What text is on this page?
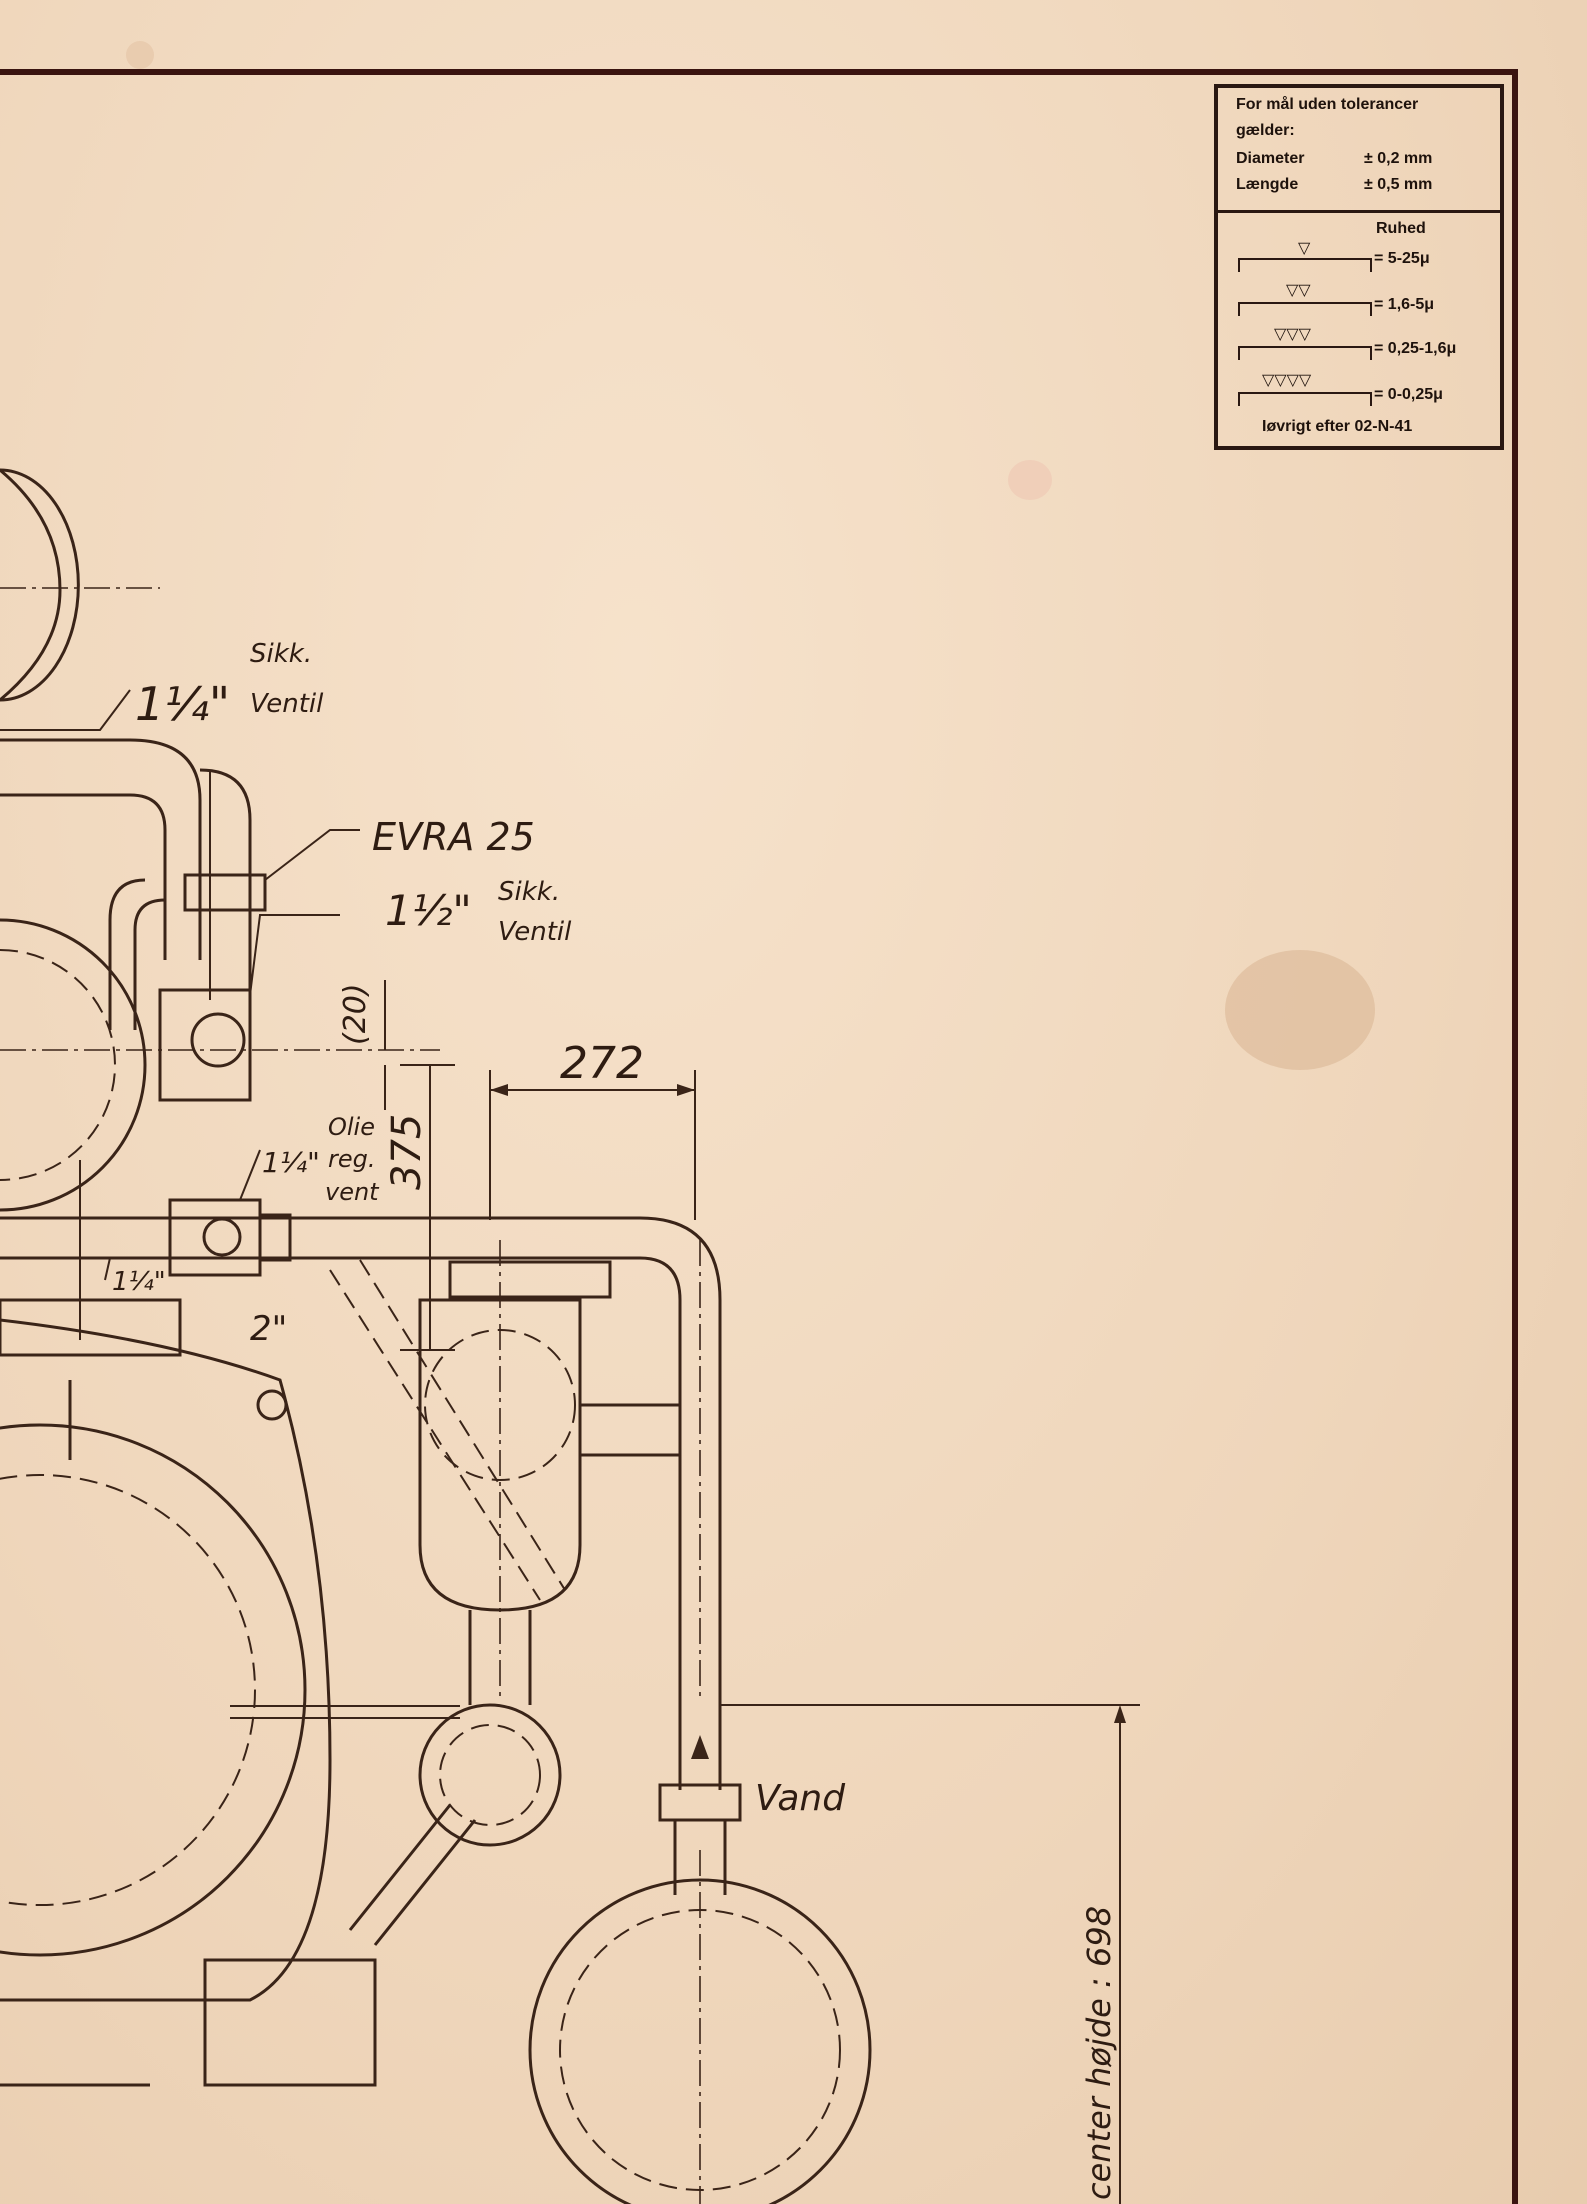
1¼"
Sikk.
Ventil
EVRA 25
1½" Sikk.
Ventil
(20)
375
272
1¼"
Olie
reg.
vent
1¼"
2"
Vand
center højde : 698
For mål uden tolerancer
gælder:
Diameter	± 0,2 mm
Længde	± 0,5 mm
Ruhed
▽
= 5-25μ
▽▽
= 1,6-5μ
▽▽▽
= 0,25-1,6μ
▽▽▽▽
= 0-0,25μ
Iøvrigt efter 02-N-41
